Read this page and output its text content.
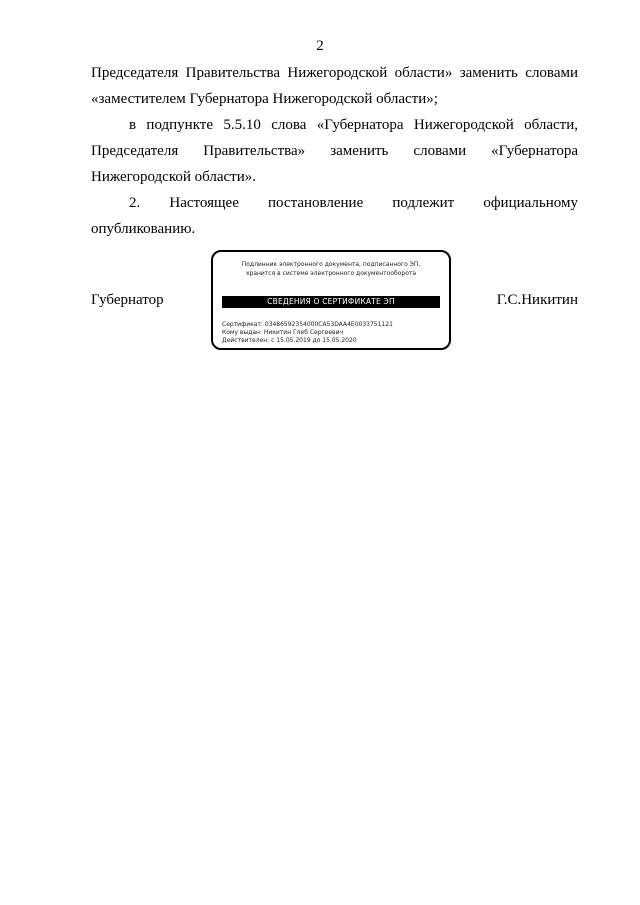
2
Председателя Правительства Нижегородской области» заменить словами
«заместителем Губернатора Нижегородской области»;
в подпункте 5.5.10 слова «Губернатора Нижегородской области,
Председателя Правительства» заменить словами «Губернатора
Нижегородской области».
2. Настоящее постановление подлежит официальному
опубликованию.
Губернатор
Подлинник электронного документа, подписанного ЭП,
хранится в системе электронного документооборота
СВЕДЕНИЯ О СЕРТИФИКАТЕ ЭП
Сертификат: 03486592354000CA53DAA4E0033751121
Кому выдан: Никитин Глеб Сергеевич
Действителен: с 15.05.2019 до 15.05.2020
Г.С.Никитин
